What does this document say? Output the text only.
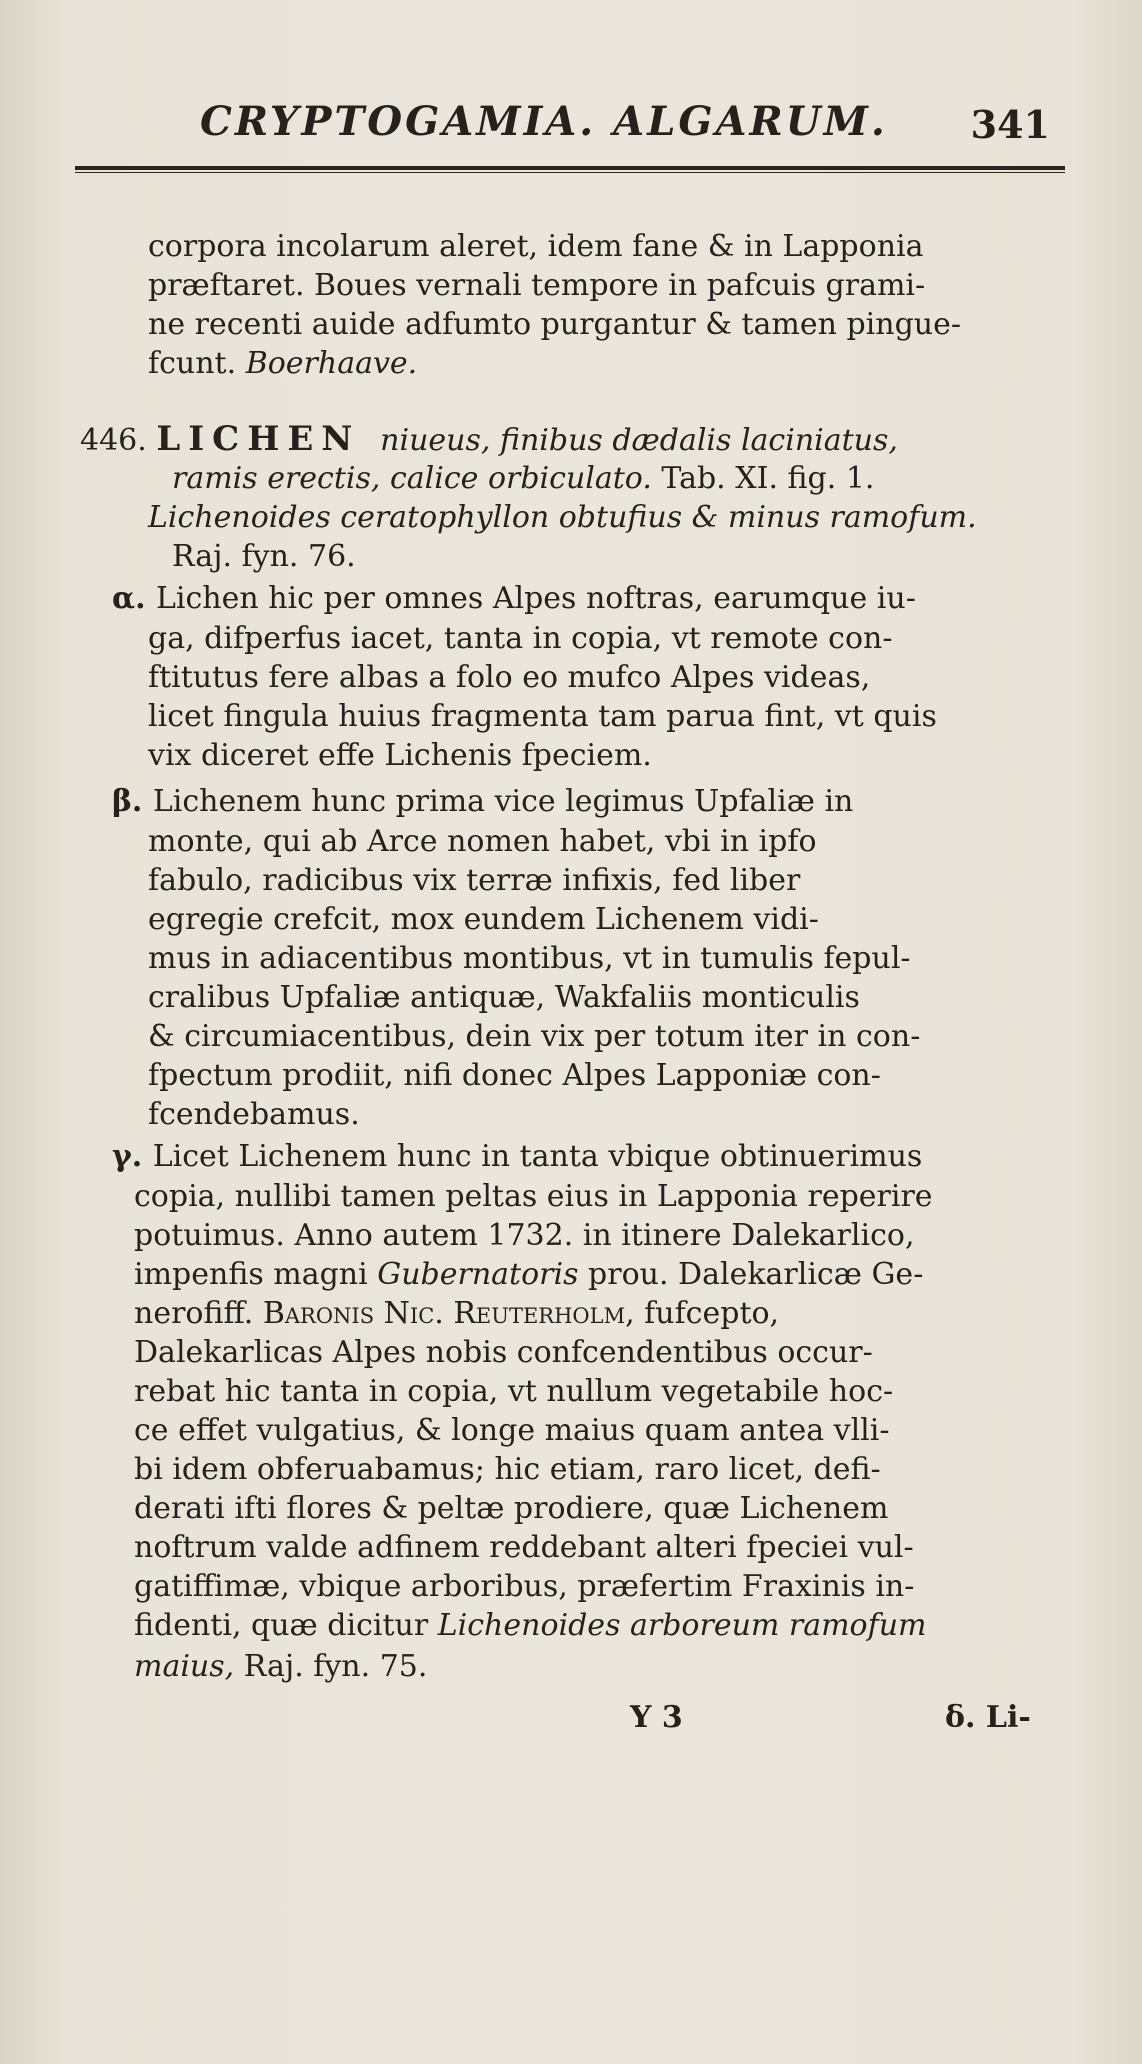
CRYPTOGAMIA. ALGARUM. 341
corpora incolarum aleret, idem fane & in Lapponia
præftaret. Boues vernali tempore in pafcuis grami-
ne recenti auide adfumto purgantur & tamen pingue-
fcunt. Boerhaave.
446. LICHEN niueus, finibus dædalis laciniatus,
ramis erectis, calice orbiculato. Tab. XI. fig. 1.
Lichenoides ceratophyllon obtufius & minus ramofum.
Raj. fyn. 76.
α. Lichen hic per omnes Alpes noftras, earumque iu-
ga, difperfus iacet, tanta in copia, vt remote con-
ftitutus fere albas a folo eo mufco Alpes videas,
licet fingula huius fragmenta tam parua fint, vt quis
vix diceret effe Lichenis fpeciem.
β. Lichenem hunc prima vice legimus Upfaliæ in
monte, qui ab Arce nomen habet, vbi in ipfo
fabulo, radicibus vix terræ infixis, fed liber
egregie crefcit, mox eundem Lichenem vidi-
mus in adiacentibus montibus, vt in tumulis fepul-
cralibus Upfaliæ antiquæ, Wakfaliis monticulis
& circumiacentibus, dein vix per totum iter in con-
fpectum prodiit, nifi donec Alpes Lapponiæ con-
fcendebamus.
γ. Licet Lichenem hunc in tanta vbique obtinuerimus
copia, nullibi tamen peltas eius in Lapponia reperire
potuimus. Anno autem 1732. in itinere Dalekarlico,
impenfis magni Gubernatoris prou. Dalekarlicæ Ge-
nerofiff. Baronis Nic. Reuterholm, fufcepto,
Dalekarlicas Alpes nobis confcendentibus occur-
rebat hic tanta in copia, vt nullum vegetabile hoc-
ce effet vulgatius, & longe maius quam antea vlli-
bi idem obferuabamus; hic etiam, raro licet, defi-
derati ifti flores & peltæ prodiere, quæ Lichenem
noftrum valde adfinem reddebant alteri fpeciei vul-
gatiffimæ, vbique arboribus, præfertim Fraxinis in-
fidenti, quæ dicitur Lichenoides arboreum ramofum
maius, Raj. fyn. 75.
Y 3	δ. Li-
